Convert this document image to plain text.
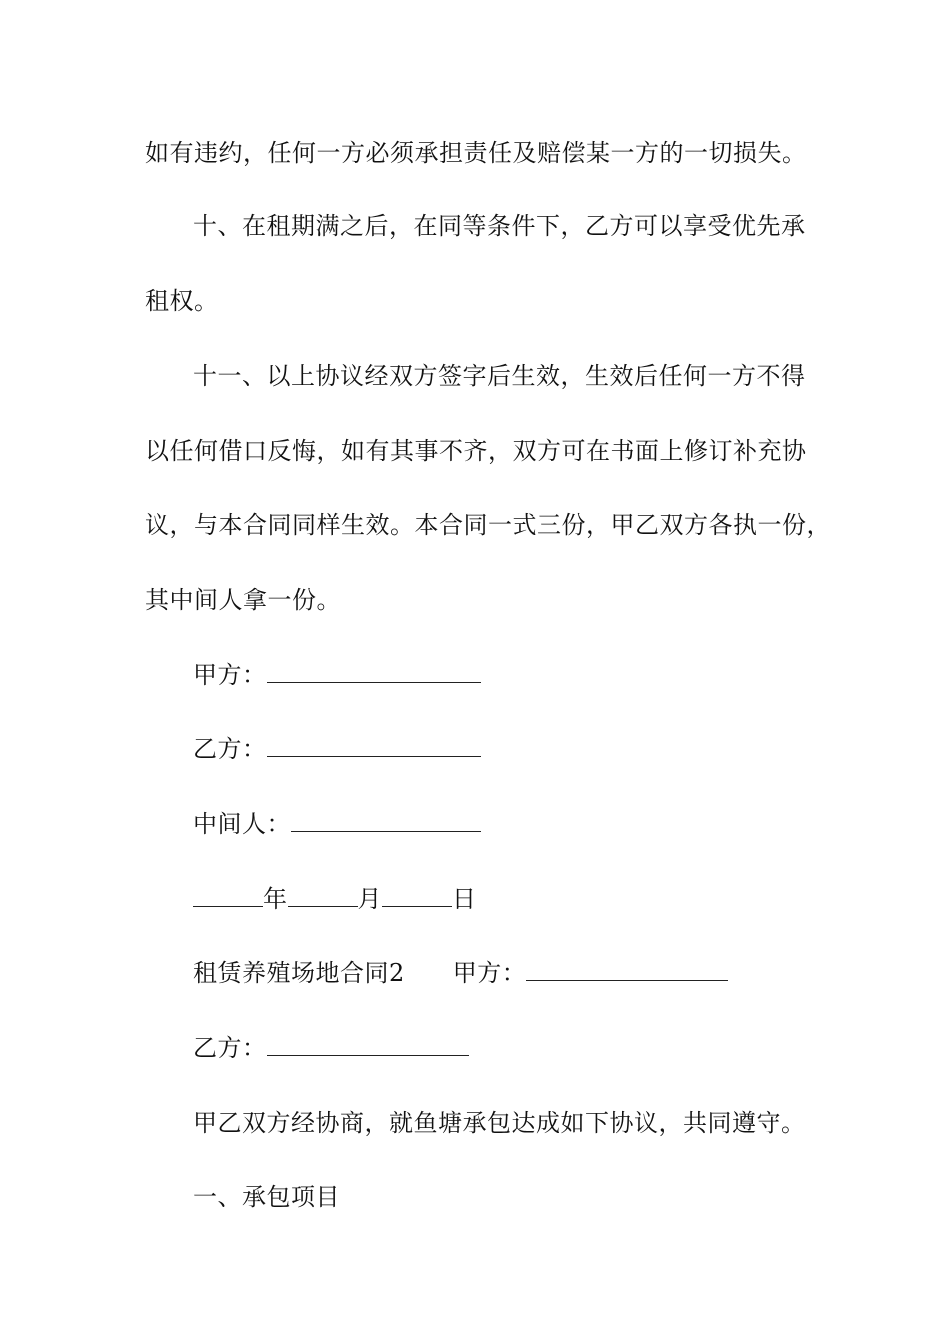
如有违约，任何一方必须承担责任及赔偿某一方的一切损失。
十、在租期满之后，在同等条件下，乙方可以享受优先承
租权。
十一、以上协议经双方签字后生效，生效后任何一方不得
以任何借口反悔，如有其事不齐，双方可在书面上修订补充协
议，与本合同同样生效。本合同一式三份，甲乙双方各执一份，
其中间人拿一份。
甲方：
乙方：
中间人：
年	月	日
租赁养殖场地合同2 甲方：
乙方：
甲乙双方经协商，就鱼塘承包达成如下协议，共同遵守。
一、承包项目
